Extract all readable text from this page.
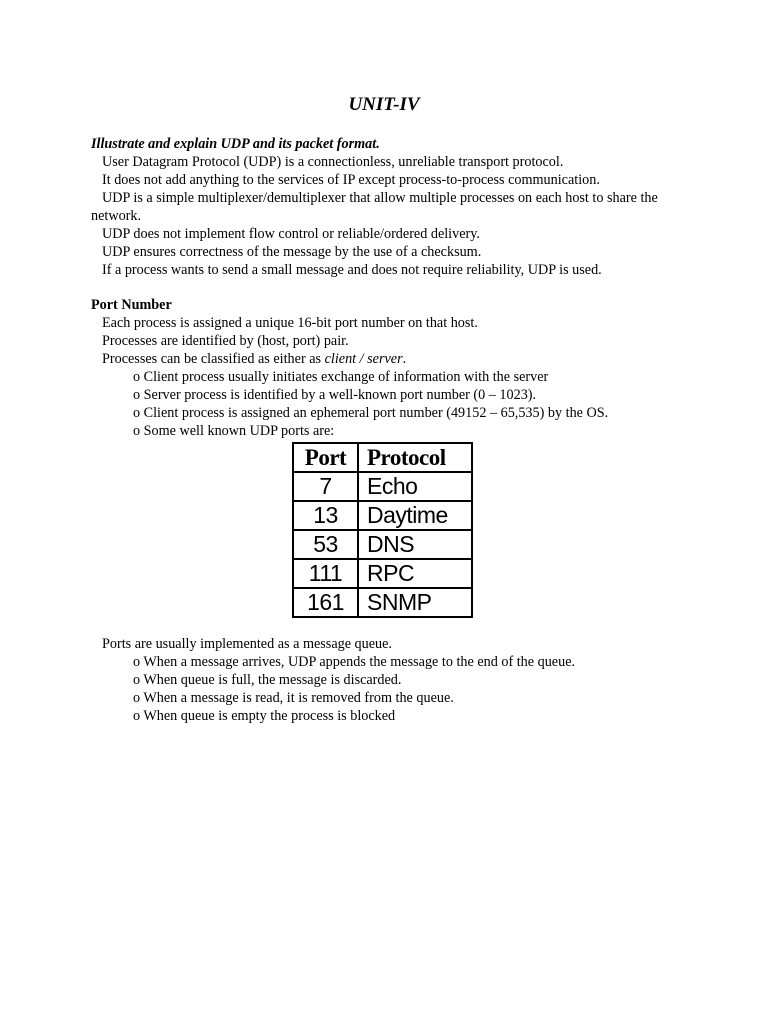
UNIT-IV
Illustrate and explain UDP and its packet format.
User Datagram Protocol (UDP) is a connectionless, unreliable transport protocol.
It does not add anything to the services of IP except process-to-process communication.
UDP is a simple multiplexer/demultiplexer that allow multiple processes on each host to share the network.
UDP does not implement flow control or reliable/ordered delivery.
UDP ensures correctness of the message by the use of a checksum.
If a process wants to send a small message and does not require reliability, UDP is used.
Port Number
Each process is assigned a unique 16-bit port number on that host.
Processes are identified by (host, port) pair.
Processes can be classified as either as client / server.
o Client process usually initiates exchange of information with the server
o Server process is identified by a well-known port number (0 – 1023).
o Client process is assigned an ephemeral port number (49152 – 65,535) by the OS.
o Some well known UDP ports are:
Port	Protocol
7	Echo
13	Daytime
53	DNS
111	RPC
161	SNMP
Ports are usually implemented as a message queue.
o When a message arrives, UDP appends the message to the end of the queue.
o When queue is full, the message is discarded.
o When a message is read, it is removed from the queue.
o When queue is empty the process is blocked
